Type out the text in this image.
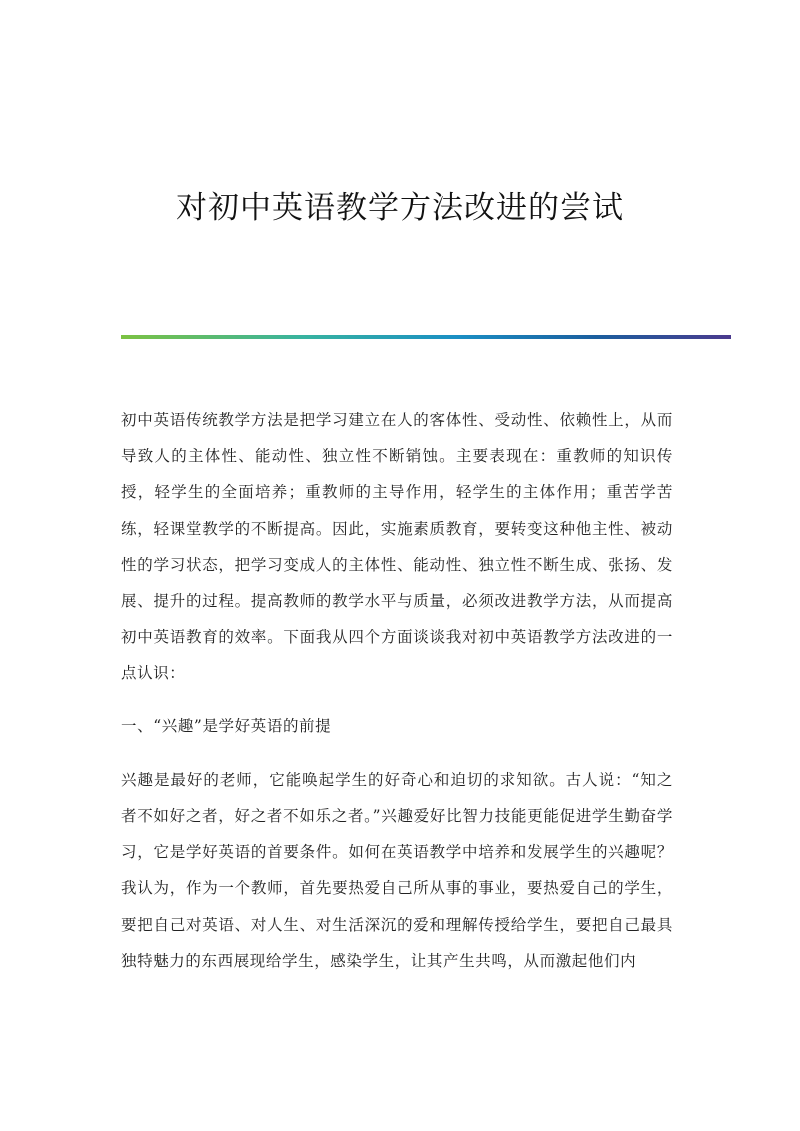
对初中英语教学方法改进的尝试

初中英语传统教学方法是把学习建立在人的客体性、受动性、依赖性上，从而导致人的主体性、能动性、独立性不断销蚀。主要表现在：重教师的知识传授，轻学生的全面培养；重教师的主导作用，轻学生的主体作用；重苦学苦练，轻课堂教学的不断提高。因此，实施素质教育，要转变这种他主性、被动性的学习状态，把学习变成人的主体性、能动性、独立性不断生成、张扬、发展、提升的过程。提高教师的教学水平与质量，必须改进教学方法，从而提高初中英语教育的效率。下面我从四个方面谈谈我对初中英语教学方法改进的一点认识：

一、“兴趣”是学好英语的前提

兴趣是最好的老师，它能唤起学生的好奇心和迫切的求知欲。古人说：“知之者不如好之者，好之者不如乐之者。”兴趣爱好比智力技能更能促进学生勤奋学习，它是学好英语的首要条件。如何在英语教学中培养和发展学生的兴趣呢？我认为，作为一个教师，首先要热爱自己所从事的事业，要热爱自己的学生，要把自己对英语、对人生、对生活深沉的爱和理解传授给学生，要把自己最具独特魅力的东西展现给学生，感染学生，让其产生共鸣，从而激起他们内
